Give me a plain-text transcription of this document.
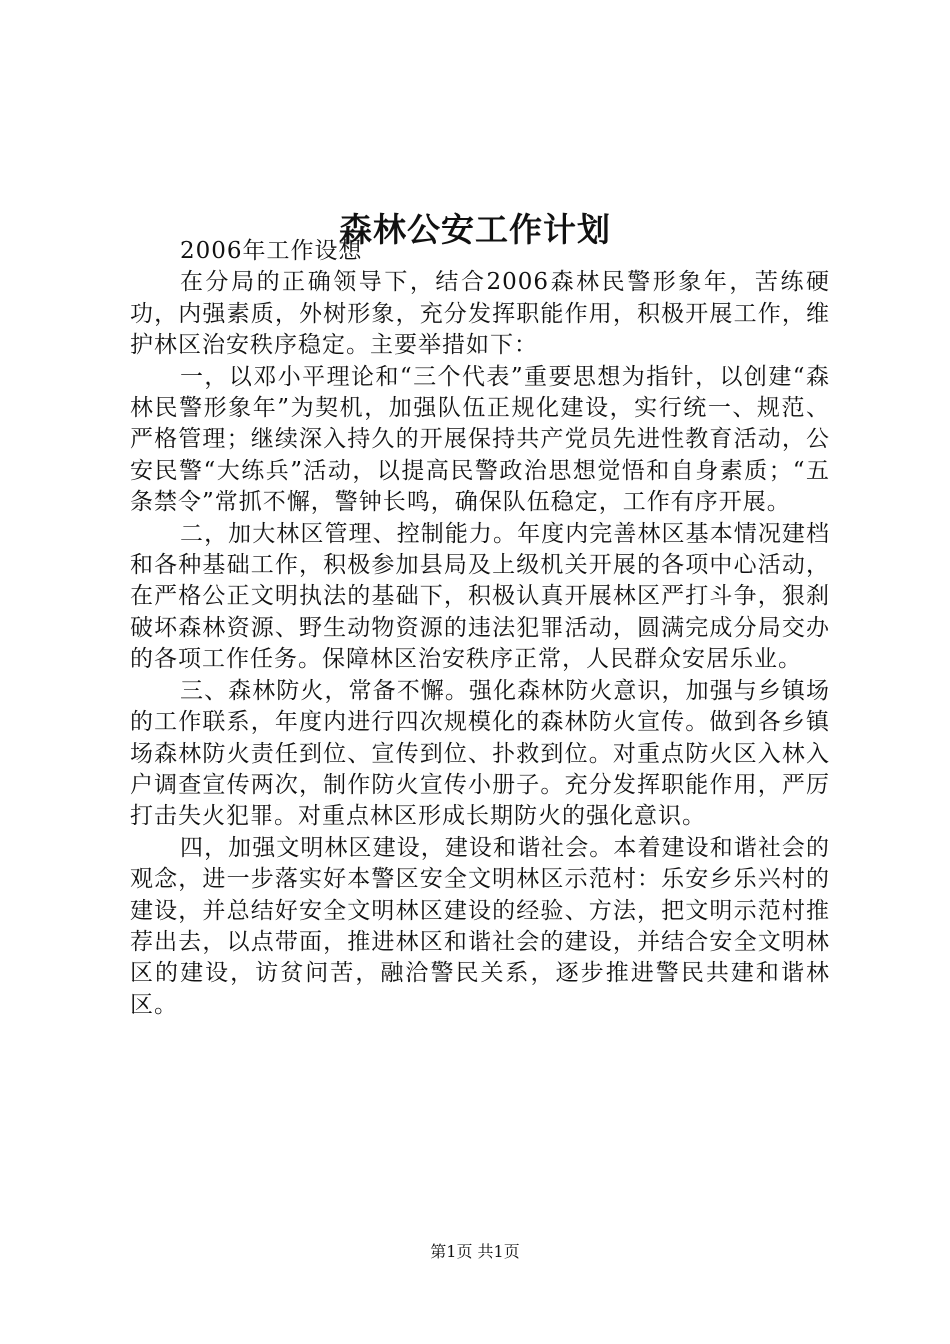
森林公安工作计划

2006年工作设想

在分局的正确领导下，结合2006森林民警形象年，苦练硬功，内强素质，外树形象，充分发挥职能作用，积极开展工作，维护林区治安秩序稳定。主要举措如下：

一，以邓小平理论和“三个代表”重要思想为指针，以创建“森林民警形象年”为契机，加强队伍正规化建设，实行统一、规范、严格管理；继续深入持久的开展保持共产党员先进性教育活动，公安民警“大练兵”活动，以提高民警政治思想觉悟和自身素质；“五条禁令”常抓不懈，警钟长鸣，确保队伍稳定，工作有序开展。

二，加大林区管理、控制能力。年度内完善林区基本情况建档和各种基础工作，积极参加县局及上级机关开展的各项中心活动，在严格公正文明执法的基础下，积极认真开展林区严打斗争，狠刹破坏森林资源、野生动物资源的违法犯罪活动，圆满完成分局交办的各项工作任务。保障林区治安秩序正常，人民群众安居乐业。

三、森林防火，常备不懈。强化森林防火意识，加强与乡镇场的工作联系，年度内进行四次规模化的森林防火宣传。做到各乡镇场森林防火责任到位、宣传到位、扑救到位。对重点防火区入林入户调查宣传两次，制作防火宣传小册子。充分发挥职能作用，严厉打击失火犯罪。对重点林区形成长期防火的强化意识。

四，加强文明林区建设，建设和谐社会。本着建设和谐社会的观念，进一步落实好本警区安全文明林区示范村：乐安乡乐兴村的建设，并总结好安全文明林区建设的经验、方法，把文明示范村推荐出去，以点带面，推进林区和谐社会的建设，并结合安全文明林区的建设，访贫问苦，融洽警民关系，逐步推进警民共建和谐林区。

第1页 共1页
